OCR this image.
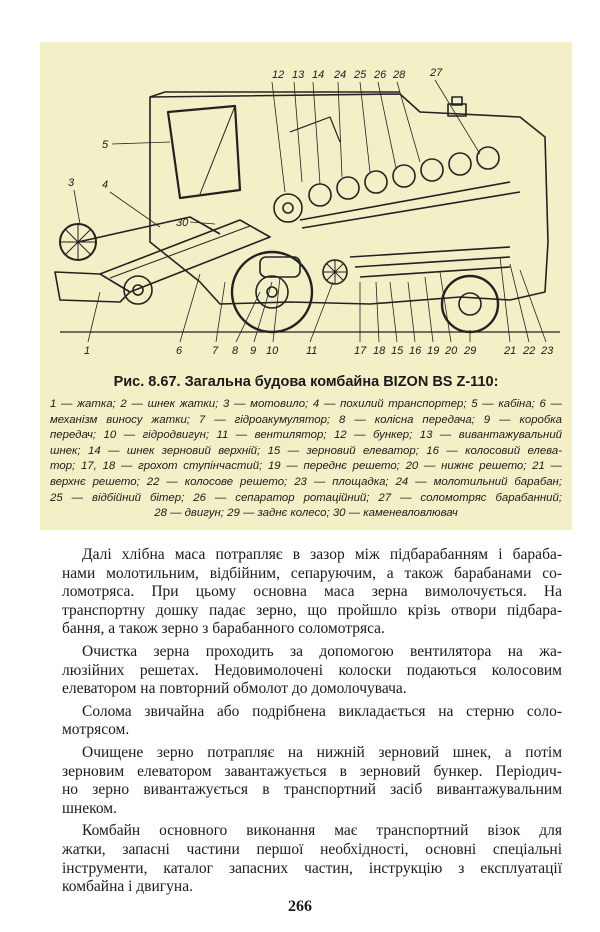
12 13 14 24 25 26 28 27
5
3	4
30
1	6	7 8 9 10	11	17 18 15 16 19 20 29	21 22 23
Рис. 8.67. Загальна будова комбайна BIZON BS Z-110:
1 — жатка; 2 — шнек жатки; 3 — мотовило; 4 — похилий транспортер; 5 — кабіна; 6 —
механізм виносу жатки; 7 — гідроакумулятор; 8 — колісна передача; 9 — коробка
передач; 10 — гідродвигун; 11 — вентилятор; 12 — бункер; 13 — вивантажувальний
шнек; 14 — шнек зерновий верхній; 15 — зерновий елеватор; 16 — колосовий елева-
тор; 17, 18 — грохот ступінчастий; 19 — переднє решето; 20 — нижнє решето; 21 —
верхнє решето; 22 — колосове решето; 23 — площадка; 24 — молотильний барабан;
25 — відбійний бітер; 26 — сепаратор ротаційний; 27 — соломотряс барабанний;
28 — двигун; 29 — заднє колесо; 30 — каменевловлювач
Далі хлібна маса потрапляє в зазор між підбарабанням і бараба-
нами молотильним, відбійним, сепаруючим, а також барабанами со-
ломотряса. При цьому основна маса зерна вимолочується. На
транспортну дошку падає зерно, що пройшло крізь отвори підбара-
бання, а також зерно з барабанного соломотряса.
Очистка зерна проходить за допомогою вентилятора на жа-
люзійних решетах. Недовимолочені колоски подаються колосовим
елеватором на повторний обмолот до домолочувача.
Солома звичайна або подрібнена викладається на стерню соло-
мотрясом.
Очищене зерно потрапляє на нижній зерновий шнек, а потім
зерновим елеватором завантажується в зерновий бункер. Періодич-
но зерно вивантажується в транспортний засіб вивантажувальним
шнеком.
Комбайн основного виконання має транспортний візок для
жатки, запасні частини першої необхідності, основні спеціальні
інструменти, каталог запасних частин, інструкцію з експлуатації
комбайна і двигуна.
266
